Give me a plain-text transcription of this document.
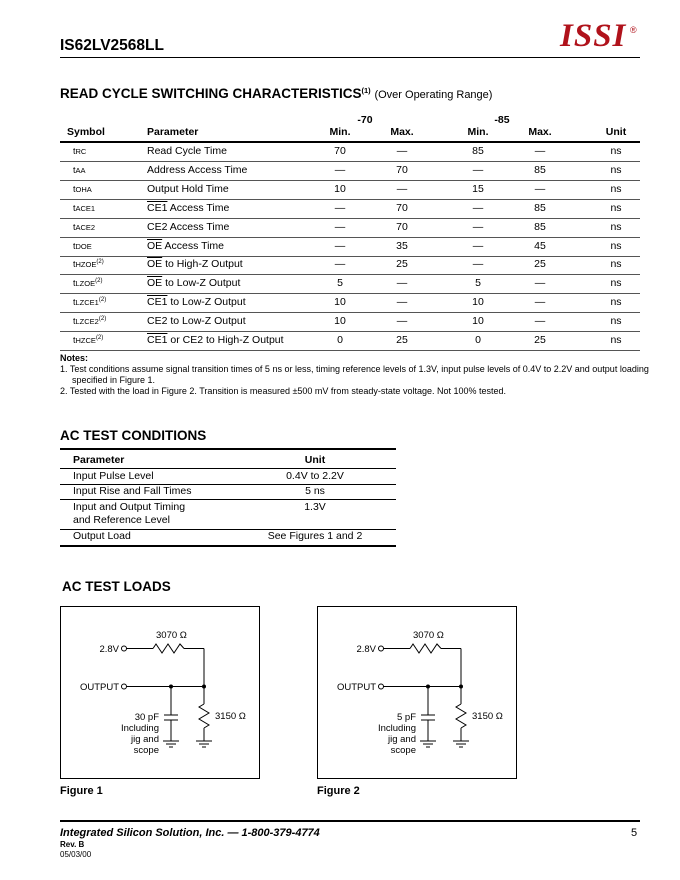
IS62LV2568LL	ISSI ®
READ CYCLE SWITCHING CHARACTERISTICS$^{(1)}$ (Over Operating Range)
-70	-85
Symbol	Parameter	Min.	Max.	Min.	Max.	Unit
tRC	Read Cycle Time	70	—	85	—	ns
tAA	Address Access Time	—	70	—	85	ns
tOHA	Output Hold Time	10	—	15	—	ns
tACE1	CE1 Access Time	—	70	—	85	ns
tACE2	CE2 Access Time	—	70	—	85	ns
tDOE	$\overline{OE}$ Access Time	—	35	—	45	ns
tHZOE$^{(2)}$	$\overline{OE}$ to High-Z Output	—	25	—	25	ns
tLZOE$^{(2)}$	$\overline{OE}$ to Low-Z Output	5	—	5	—	ns
tLZCE1$^{(2)}$	CE1 to Low-Z Output	10	—	10	—	ns
tLZCE2$^{(2)}$	CE2 to Low-Z Output	10	—	10	—	ns
tHZCE$^{(2)}$	CE1 or CE2 to High-Z Output	0	25	0	25	ns
Notes:
1. Test conditions assume signal transition times of 5 ns or less, timing reference levels of 1.3V, input pulse levels of 0.4V to 2.2V and output loading specified in Figure 1.
2. Tested with the load in Figure 2. Transition is measured ±500 mV from steady-state voltage. Not 100% tested.
AC TEST CONDITIONS
Parameter	Unit
Input Pulse Level	0.4V to 2.2V
Input Rise and Fall Times	5 ns
Input and Output Timing	1.3V
and Reference Level
Output Load	See Figures 1 and 2
AC TEST LOADS
3070 Ω
2.8V
OUTPUT
30 pF
Including
jig and
scope
3150 Ω
Figure 1
3070 Ω
2.8V
OUTPUT
5 pF
Including
jig and
scope
3150 Ω
Figure 2
Integrated Silicon Solution, Inc. — 1-800-379-4774	5
Rev. B
05/03/00
